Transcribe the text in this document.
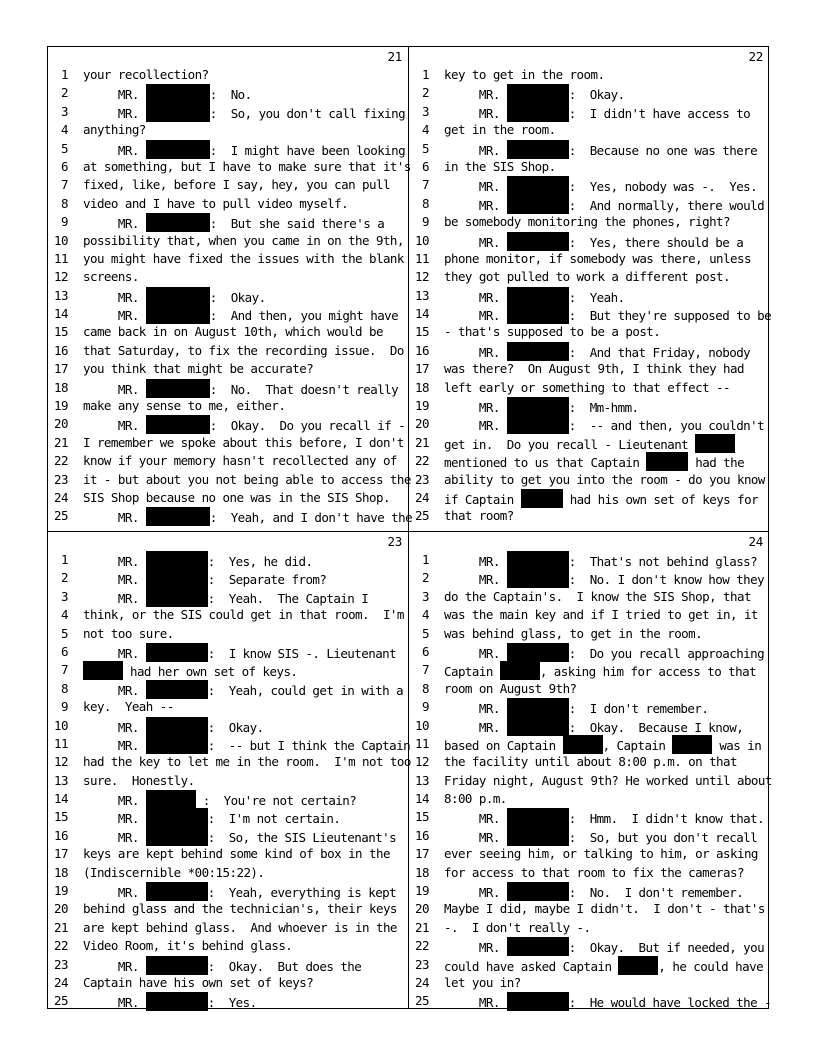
21
1 your recollection?
2 MR.	:  No.
3 MR.	:  So, you don't call fixing
4 anything?
5 MR.	:  I might have been looking
6 at something, but I have to make sure that it's
7 fixed, like, before I say, hey, you can pull
8 video and I have to pull video myself.
9 MR.	:  But she said there's a
10 possibility that, when you came in on the 9th,
11 you might have fixed the issues with the blank
12 screens.
13 MR.	:  Okay.
14 MR.	:  And then, you might have
15 came back in on August 10th, which would be
16 that Saturday, to fix the recording issue.  Do
17 you think that might be accurate?
18 MR.	:  No.  That doesn't really
19 make any sense to me, either.
20 MR.	:  Okay.  Do you recall if -
21 I remember we spoke about this before, I don't
22 know if your memory hasn't recollected any of
23 it - but about you not being able to access the
24 SIS Shop because no one was in the SIS Shop.
25 MR.	:  Yeah, and I don't have the
22
1 key to get in the room.
2 MR.	:  Okay.
3 MR.	:  I didn't have access to
4 get in the room.
5 MR.	:  Because no one was there
6 in the SIS Shop.
7 MR.	:  Yes, nobody was -.  Yes.
8 MR.	:  And normally, there would
9 be somebody monitoring the phones, right?
10 MR.	:  Yes, there should be a
11 phone monitor, if somebody was there, unless
12 they got pulled to work a different post.
13 MR.	:  Yeah.
14 MR.	:  But they're supposed to be
15 - that's supposed to be a post.
16 MR.	:  And that Friday, nobody
17 was there?  On August 9th, I think they had
18 left early or something to that effect --
19 MR.	:  Mm-hmm.
20 MR.	:  -- and then, you couldn't
21 get in.  Do you recall - Lieutenant
22 mentioned to us that Captain	had the
23 ability to get you into the room - do you know
24 if Captain	had his own set of keys for
25 that room?
23
1 MR.	:  Yes, he did.
2 MR.	:  Separate from?
3 MR.	:  Yeah.  The Captain I
4 think, or the SIS could get in that room.  I'm
5 not too sure.
6 MR.	:  I know SIS -. Lieutenant
7	had her own set of keys.
8 MR.	:  Yeah, could get in with a
9 key.  Yeah --
10 MR.	:  Okay.
11 MR.	:  -- but I think the Captain
12 had the key to let me in the room.  I'm not too
13 sure.  Honestly.
14 MR.	:  You're not certain?
15 MR.	:  I'm not certain.
16 MR.	:  So, the SIS Lieutenant's
17 keys are kept behind some kind of box in the
18 (Indiscernible *00:15:22).
19 MR.	:  Yeah, everything is kept
20 behind glass and the technician's, their keys
21 are kept behind glass.  And whoever is in the
22 Video Room, it's behind glass.
23 MR.	:  Okay.  But does the
24 Captain have his own set of keys?
25 MR.	:  Yes.
24
1 MR.	:  That's not behind glass?
2 MR.	:  No. I don't know how they
3 do the Captain's.  I know the SIS Shop, that
4 was the main key and if I tried to get in, it
5 was behind glass, to get in the room.
6 MR.	:  Do you recall approaching
7 Captain	, asking him for access to that
8 room on August 9th?
9 MR.	:  I don't remember.
10 MR.	:  Okay.  Because I know,
11 based on Captain	, Captain	was in
12 the facility until about 8:00 p.m. on that
13 Friday night, August 9th? He worked until about
14 8:00 p.m.
15 MR.	:  Hmm.  I didn't know that.
16 MR.	:  So, but you don't recall
17 ever seeing him, or talking to him, or asking
18 for access to that room to fix the cameras?
19 MR.	:  No.  I don't remember.
20 Maybe I did, maybe I didn't.  I don't - that's
21 -.  I don't really -.
22 MR.	:  Okay.  But if needed, you
23 could have asked Captain	, he could have
24 let you in?
25 MR.	:  He would have locked the -
